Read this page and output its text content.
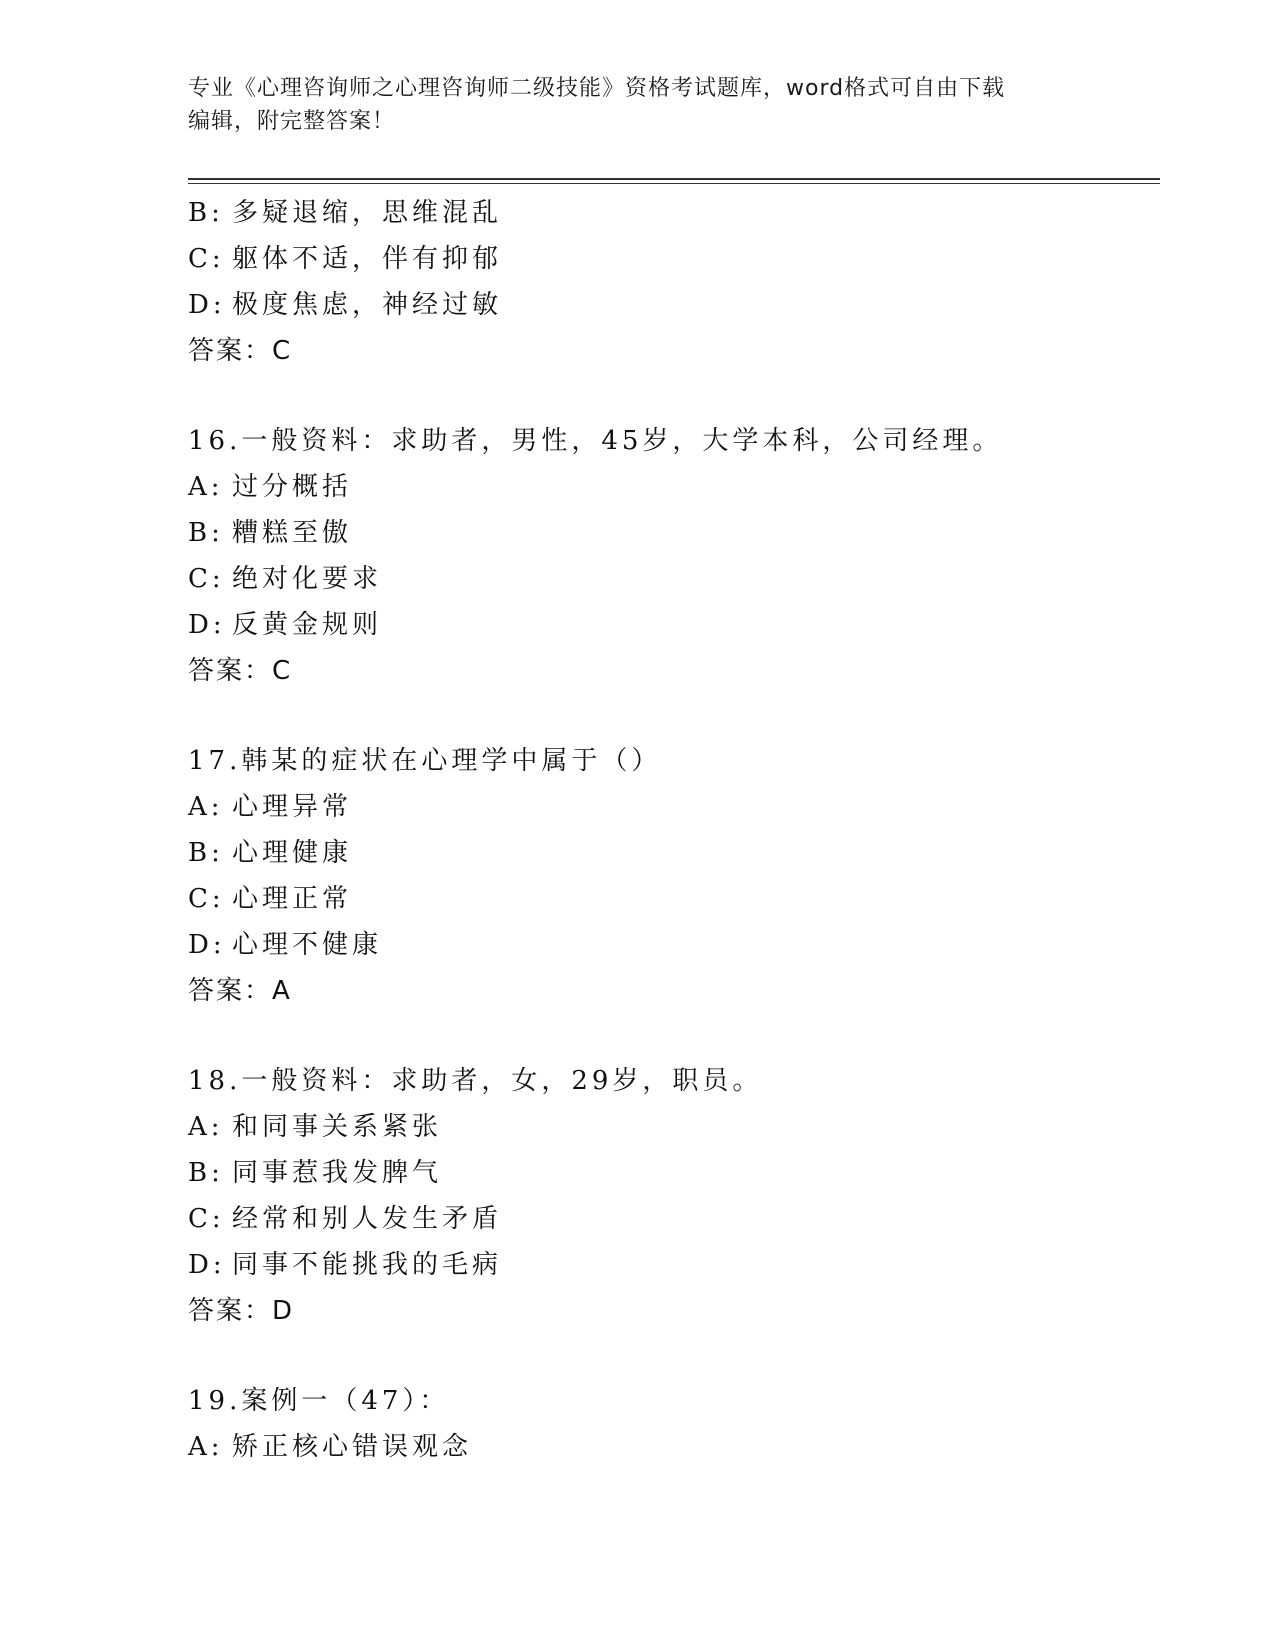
专业《心理咨询师之心理咨询师二级技能》资格考试题库，word格式可自由下载
编辑，附完整答案！
B: 多疑退缩，思维混乱
C: 躯体不适，伴有抑郁
D: 极度焦虑，神经过敏
答案：C
16.一般资料：求助者，男性，45岁，大学本科，公司经理。
A: 过分概括
B: 糟糕至傲
C: 绝对化要求
D: 反黄金规则
答案：C
17.韩某的症状在心理学中属于（）
A: 心理异常
B: 心理健康
C: 心理正常
D: 心理不健康
答案：A
18.一般资料：求助者，女，29岁，职员。
A: 和同事关系紧张
B: 同事惹我发脾气
C: 经常和别人发生矛盾
D: 同事不能挑我的毛病
答案：D
19.案例一（47）：
A: 矫正核心错误观念
